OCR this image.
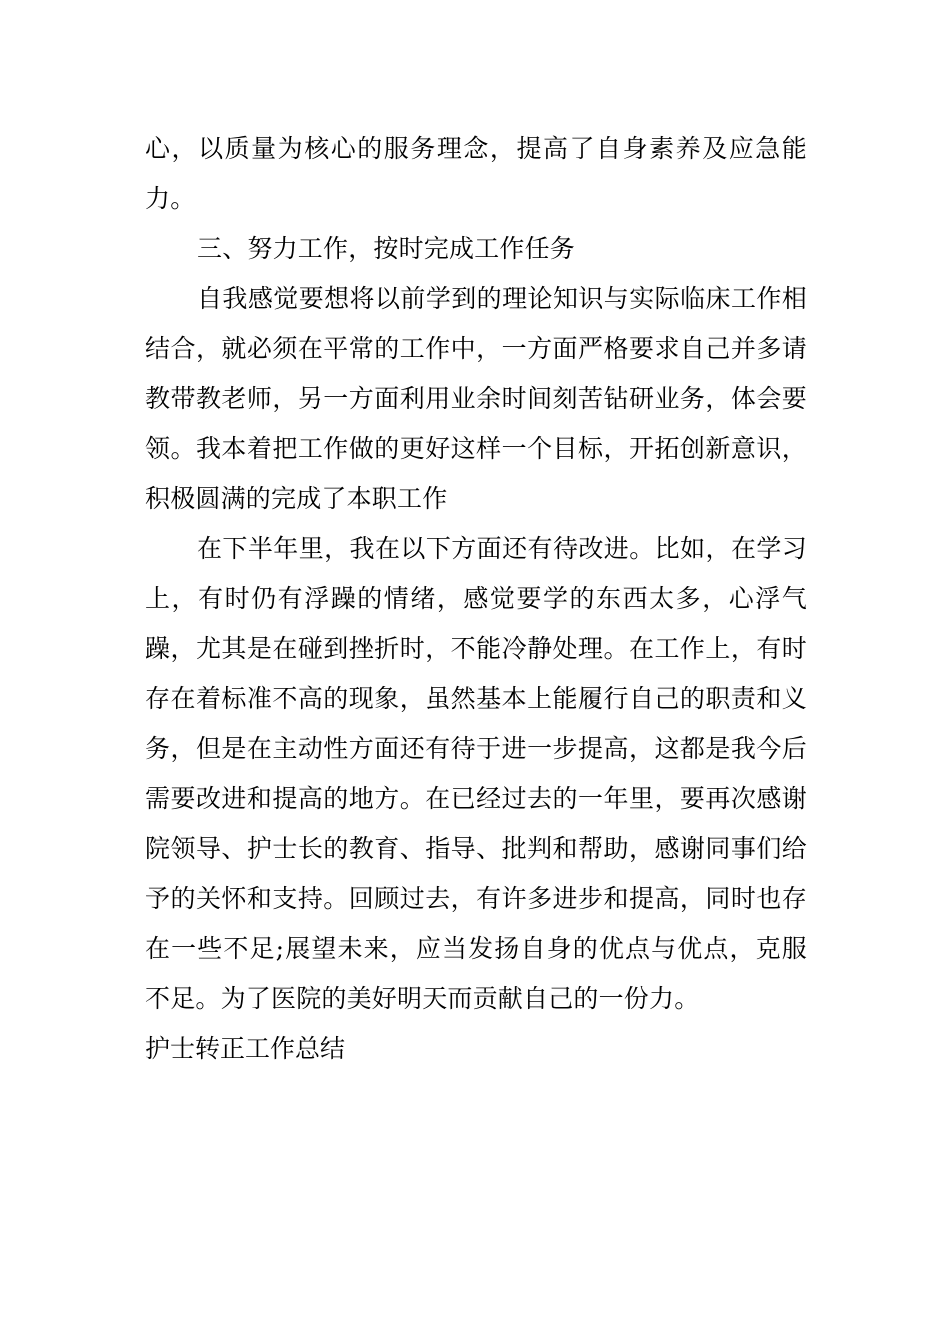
心，以质量为核心的服务理念，提高了自身素养及应急能力。

三、努力工作，按时完成工作任务

自我感觉要想将以前学到的理论知识与实际临床工作相结合，就必须在平常的工作中，一方面严格要求自己并多请教带教老师，另一方面利用业余时间刻苦钻研业务，体会要领。我本着把工作做的更好这样一个目标，开拓创新意识，积极圆满的完成了本职工作

在下半年里，我在以下方面还有待改进。比如，在学习上，有时仍有浮躁的情绪，感觉要学的东西太多，心浮气躁，尤其是在碰到挫折时，不能冷静处理。在工作上，有时存在着标准不高的现象，虽然基本上能履行自己的职责和义务，但是在主动性方面还有待于进一步提高，这都是我今后需要改进和提高的地方。在已经过去的一年里，要再次感谢院领导、护士长的教育、指导、批判和帮助，感谢同事们给予的关怀和支持。回顾过去，有许多进步和提高，同时也存在一些不足;展望未来，应当发扬自身的优点与优点，克服不足。为了医院的美好明天而贡献自己的一份力。

护士转正工作总结
